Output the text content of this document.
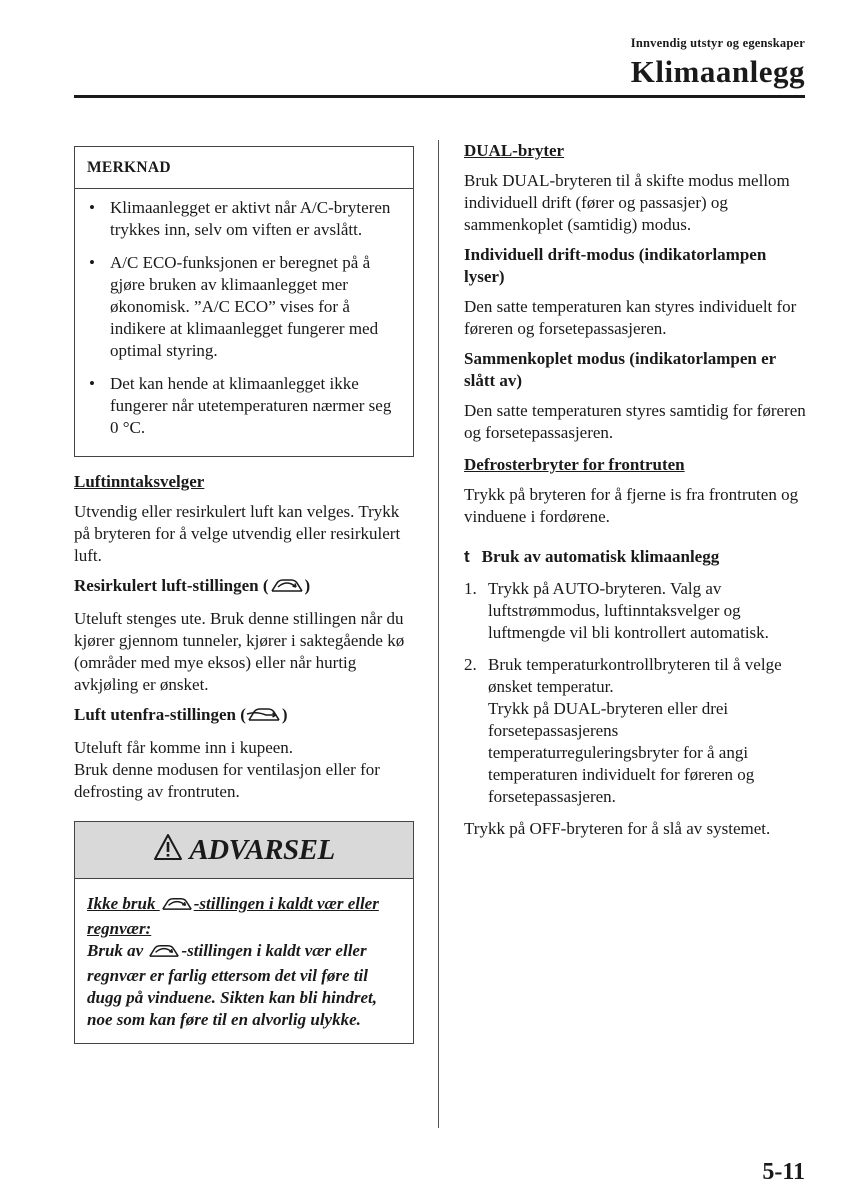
Innvendig utstyr og egenskaper
Klimaanlegg
MERKNAD
• Klimaanlegget er aktivt når A/C-bryteren trykkes inn, selv om viften er avslått.
• A/C ECO-funksjonen er beregnet på å gjøre bruken av klimaanlegget mer økonomisk. ”A/C ECO” vises for å indikere at klimaanlegget fungerer med optimal styring.
• Det kan hende at klimaanlegget ikke fungerer når utetemperaturen nærmer seg 0 °C.
Luftinntaksvelger
Utvendig eller resirkulert luft kan velges. Trykk på bryteren for å velge utvendig eller resirkulert luft.
Resirkulert luft-stillingen ( )
Uteluft stenges ute. Bruk denne stillingen når du kjører gjennom tunneler, kjører i saktegående kø (områder med mye eksos) eller når hurtig avkjøling er ønsket.
Luft utenfra-stillingen ( )
Uteluft får komme inn i kupeen.
Bruk denne modusen for ventilasjon eller for defrosting av frontruten.
ADVARSEL
Ikke bruk -stillingen i kaldt vær eller regnvær:
Bruk av -stillingen i kaldt vær eller regnvær er farlig ettersom det vil føre til dugg på vinduene. Sikten kan bli hindret, noe som kan føre til en alvorlig ulykke.
DUAL-bryter
Bruk DUAL-bryteren til å skifte modus mellom individuell drift (fører og passasjer) og sammenkoplet (samtidig) modus.
Individuell drift-modus (indikatorlampen lyser)
Den satte temperaturen kan styres individuelt for føreren og forsetepassasjeren.
Sammenkoplet modus (indikatorlampen er slått av)
Den satte temperaturen styres samtidig for føreren og forsetepassasjeren.
Defrosterbryter for frontruten
Trykk på bryteren for å fjerne is fra frontruten og vinduene i fordørene.
t Bruk av automatisk klimaanlegg
1. Trykk på AUTO-bryteren. Valg av luftstrømmodus, luftinntaksvelger og luftmengde vil bli kontrollert automatisk.
2. Bruk temperaturkontrollbryteren til å velge ønsket temperatur.
Trykk på DUAL-bryteren eller drei forsetepassasjerens temperaturreguleringsbryter for å angi temperaturen individuelt for føreren og forsetepassasjeren.
Trykk på OFF-bryteren for å slå av systemet.
5-11
